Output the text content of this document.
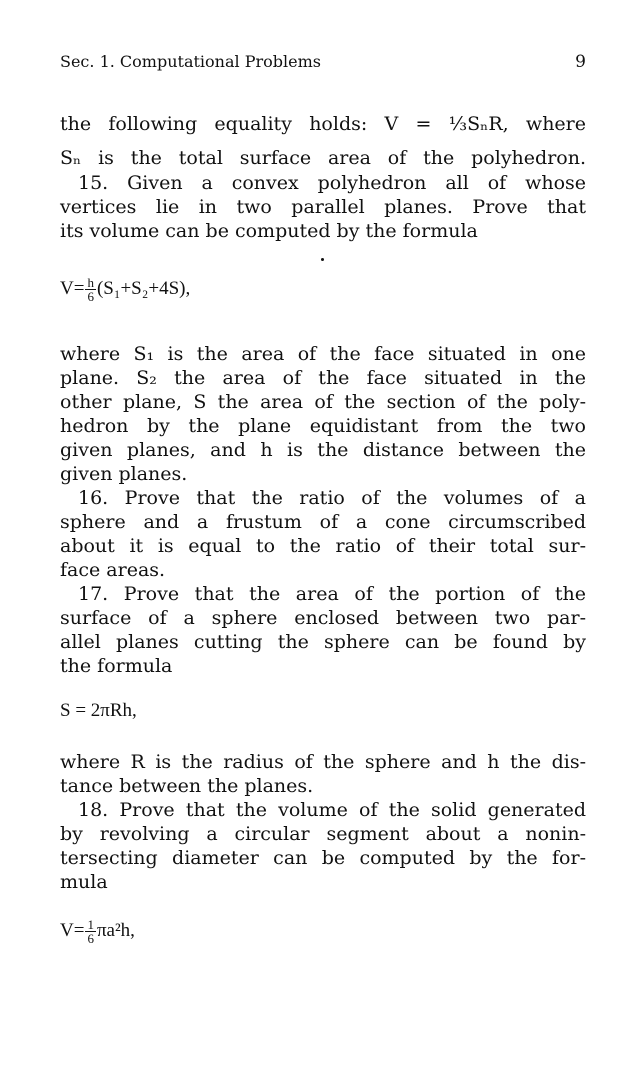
Sec. 1. Computational Problems	9
the following equality holds: V = ⅓SₙR, where
Sₙ is the total surface area of the polyhedron.
15. Given a convex polyhedron all of whose
vertices lie in two parallel planes. Prove that
its volume can be computed by the formula
$V= \frac{h}{6} (S_1+S_2+4S)$,
where S₁ is the area of the face situated in one
plane. S₂ the area of the face situated in the
other plane, S the area of the section of the poly-
hedron by the plane equidistant from the two
given planes, and h is the distance between the
given planes.
16. Prove that the ratio of the volumes of a
sphere and a frustum of a cone circumscribed
about it is equal to the ratio of their total sur-
face areas.
17. Prove that the area of the portion of the
surface of a sphere enclosed between two par-
allel planes cutting the sphere can be found by
the formula
S = 2πRh,
where R is the radius of the sphere and h the dis-
tance between the planes.
18. Prove that the volume of the solid generated
by revolving a circular segment about a nonin-
tersecting diameter can be computed by the for-
mula
$V= \frac{1}{6} \pi a^2h$,
